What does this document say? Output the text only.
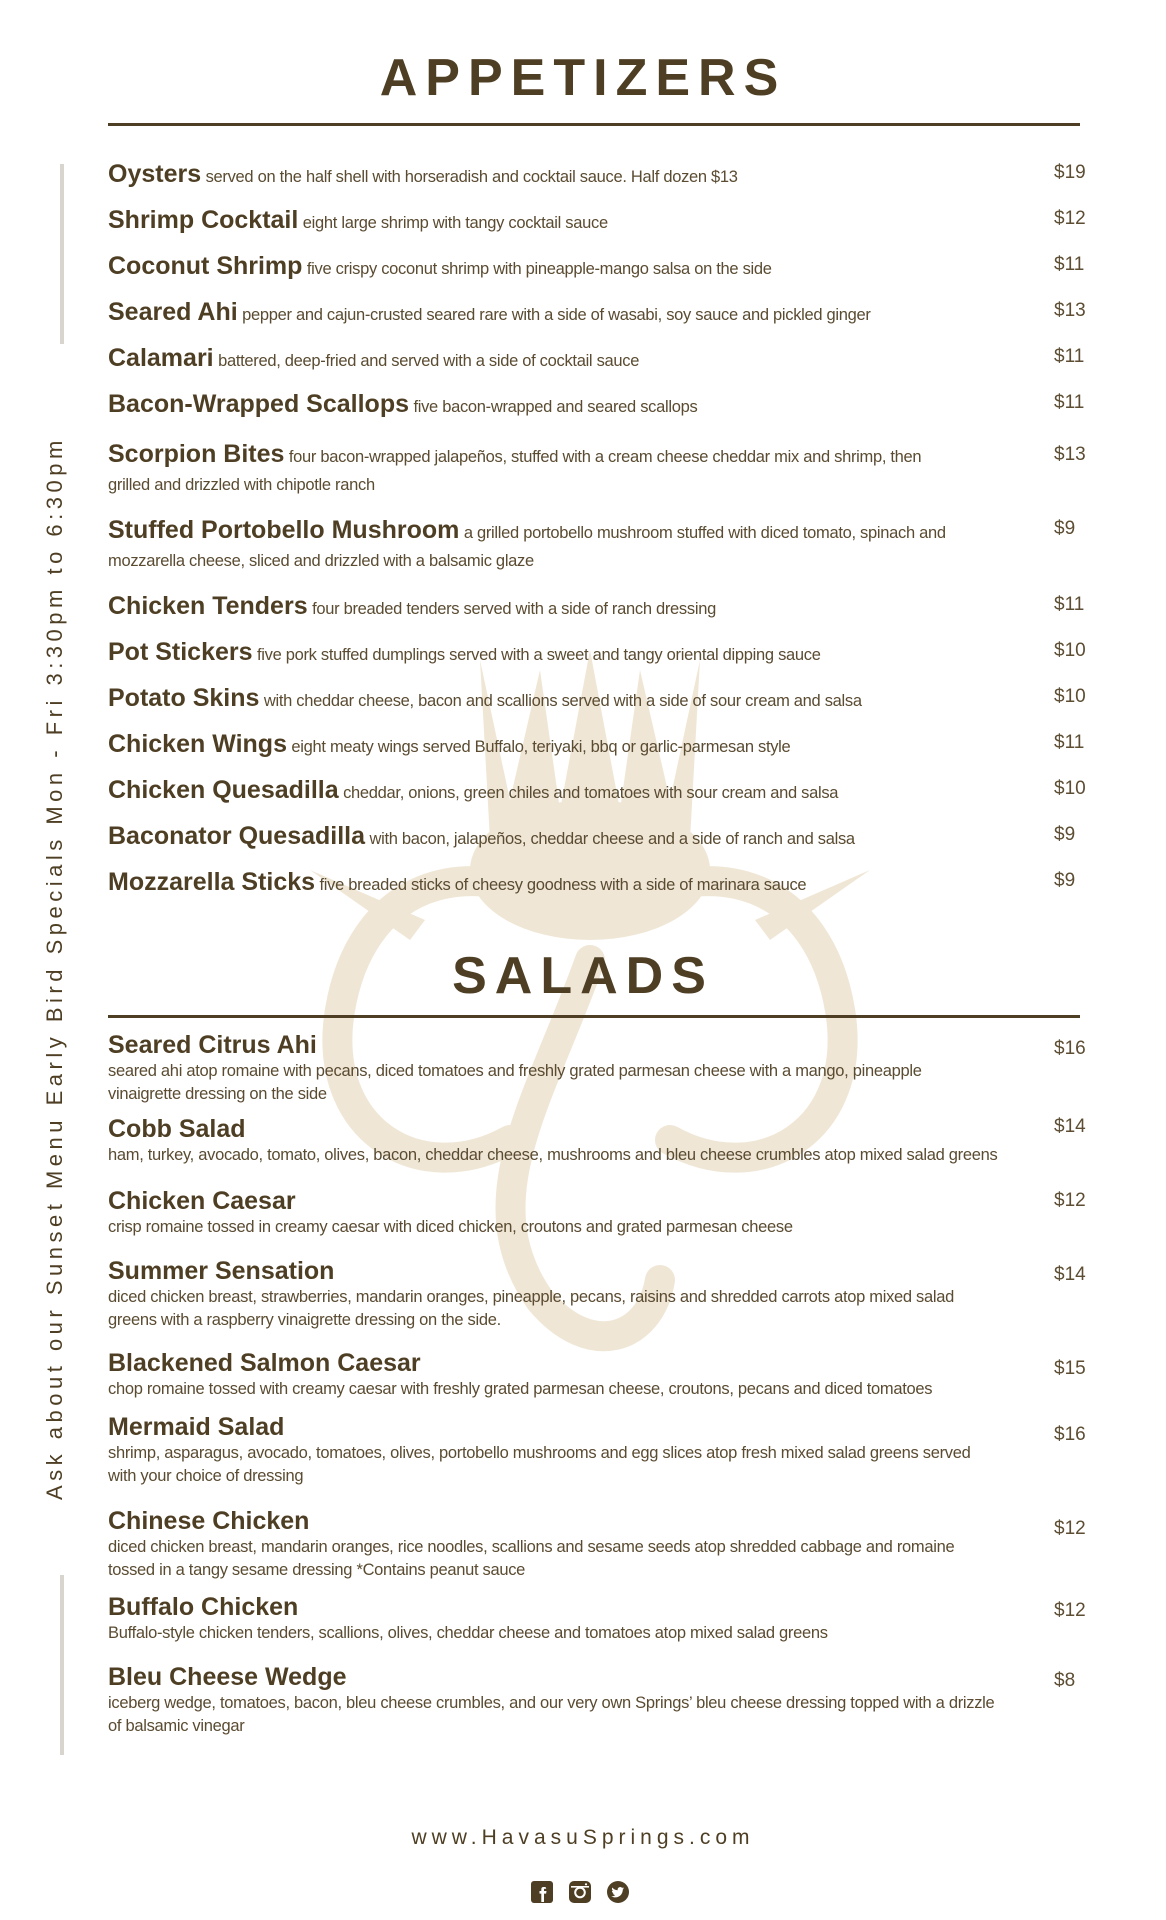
Ask about our Sunset Menu Early Bird Specials Mon - Fri 3:30pm to 6:30pm
APPETIZERS
Oysters served on the half shell with horseradish and cocktail sauce. Half dozen $13	$19
Shrimp Cocktail eight large shrimp with tangy cocktail sauce	$12
Coconut Shrimp five crispy coconut shrimp with pineapple-mango salsa on the side	$11
Seared Ahi pepper and cajun-crusted seared rare with a side of wasabi, soy sauce and pickled ginger	$13
Calamari battered, deep-fried and served with a side of cocktail sauce	$11
Bacon-Wrapped Scallops five bacon-wrapped and seared scallops	$11
Scorpion Bites four bacon-wrapped jalapeños, stuffed with a cream cheese cheddar mix and shrimp, then grilled and drizzled with chipotle ranch
$13
Stuffed Portobello Mushroom a grilled portobello mushroom stuffed with diced tomato, spinach and mozzarella cheese, sliced and drizzled with a balsamic glaze
$9
Chicken Tenders four breaded tenders served with a side of ranch dressing	$11
Pot Stickers five pork stuffed dumplings served with a sweet and tangy oriental dipping sauce	$10
Potato Skins with cheddar cheese, bacon and scallions served with a side of sour cream and salsa	$10
Chicken Wings eight meaty wings served Buffalo, teriyaki, bbq or garlic-parmesan style	$11
Chicken Quesadilla cheddar, onions, green chiles and tomatoes with sour cream and salsa	$10
Baconator Quesadilla with bacon, jalapeños, cheddar cheese and a side of ranch and salsa	$9
Mozzarella Sticks five breaded sticks of cheesy goodness with a side of marinara sauce	$9
SALADS
Seared Citrus Ahi
seared ahi atop romaine with pecans, diced tomatoes and freshly grated parmesan cheese with a mango, pineapple vinaigrette dressing on the side
$16
Cobb Salad
ham, turkey, avocado, tomato, olives, bacon, cheddar cheese, mushrooms and bleu cheese crumbles atop mixed salad greens
$14
Chicken Caesar
crisp romaine tossed in creamy caesar with diced chicken, croutons and grated parmesan cheese
$12
Summer Sensation
diced chicken breast, strawberries, mandarin oranges, pineapple, pecans, raisins and shredded carrots atop mixed salad greens with a raspberry vinaigrette dressing on the side.
$14
Blackened Salmon Caesar
chop romaine tossed with creamy caesar with freshly grated parmesan cheese, croutons, pecans and diced tomatoes
$15
Mermaid Salad
shrimp, asparagus, avocado, tomatoes, olives, portobello mushrooms and egg slices atop fresh mixed salad greens served with your choice of dressing
$16
Chinese Chicken
diced chicken breast, mandarin oranges, rice noodles, scallions and sesame seeds atop shredded cabbage and romaine tossed in a tangy sesame dressing *Contains peanut sauce
$12
Buffalo Chicken
Buffalo-style chicken tenders, scallions, olives, cheddar cheese and tomatoes atop mixed salad greens
$12
Bleu Cheese Wedge
iceberg wedge, tomatoes, bacon, bleu cheese crumbles, and our very own Springs’ bleu cheese dressing topped with a drizzle of balsamic vinegar
$8
www.HavasuSprings.com
